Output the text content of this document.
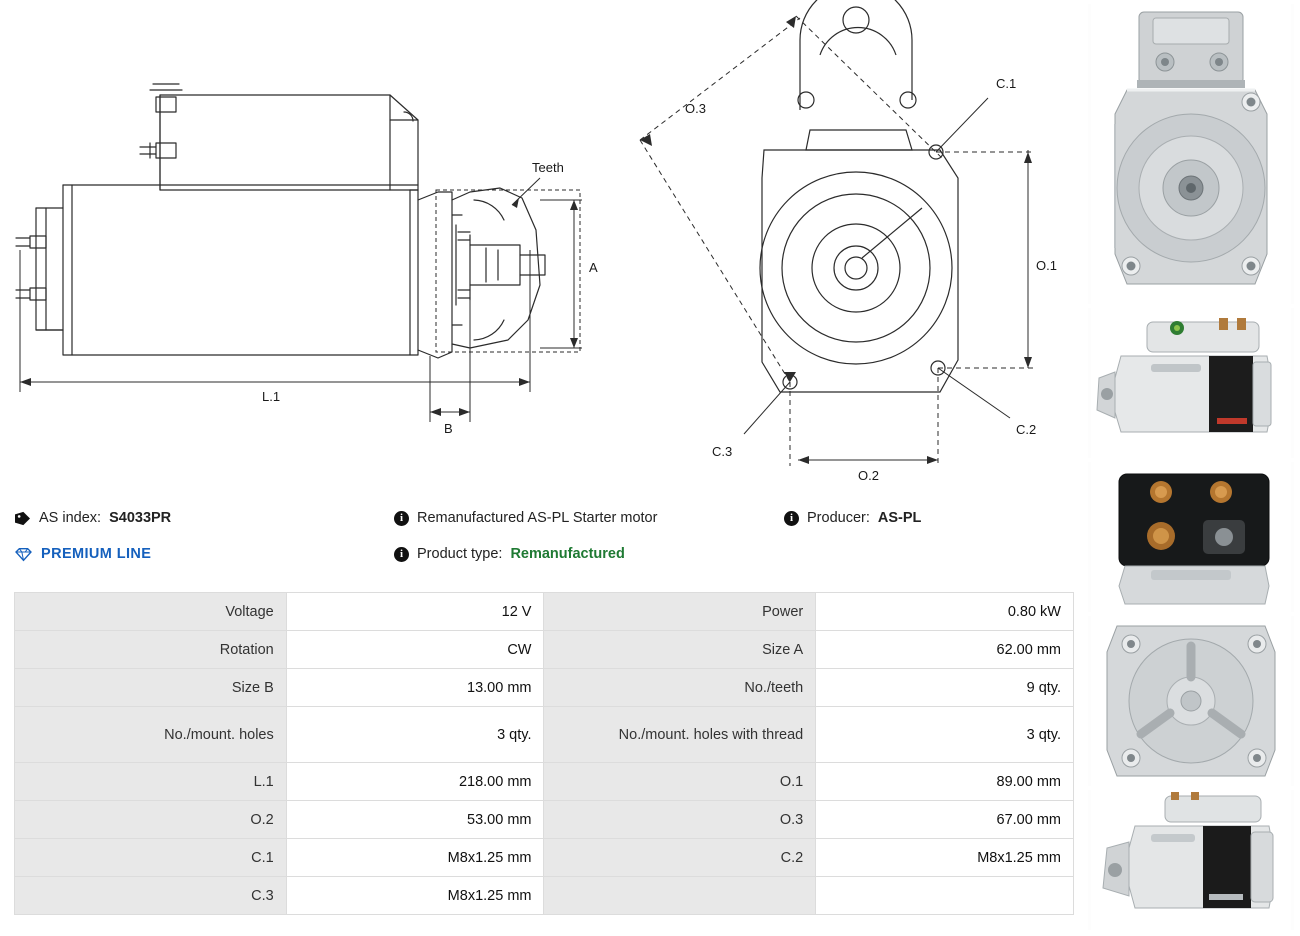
Teeth
A
L.1
B
O.3
O.1
O.2
C.1
C.2
C.3
AS index: S4033PR	i Remanufactured AS-PL Starter motor	i Producer: AS-PL
PREMIUM LINE	i Product type: Remanufactured
Voltage	12 V	Power	0.80 kW
Rotation	CW	Size A	62.00 mm
Size B	13.00 mm	No./teeth	9 qty.
No./mount. holes	3 qty.	No./mount. holes with thread	3 qty.
L.1	218.00 mm	O.1	89.00 mm
O.2	53.00 mm	O.3	67.00 mm
C.1	M8x1.25 mm	C.2	M8x1.25 mm
C.3	M8x1.25 mm		
